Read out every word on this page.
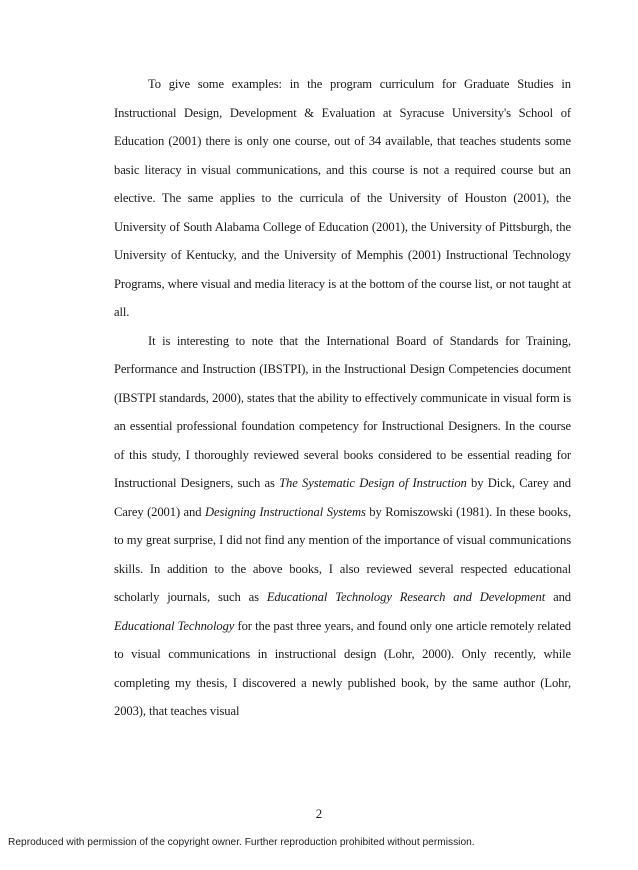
To give some examples: in the program curriculum for Graduate Studies in Instructional Design, Development & Evaluation at Syracuse University's School of Education (2001) there is only one course, out of 34 available, that teaches students some basic literacy in visual communications, and this course is not a required course but an elective. The same applies to the curricula of the University of Houston (2001), the University of South Alabama College of Education (2001), the University of Pittsburgh, the University of Kentucky, and the University of Memphis (2001) Instructional Technology Programs, where visual and media literacy is at the bottom of the course list, or not taught at all.

It is interesting to note that the International Board of Standards for Training, Performance and Instruction (IBSTPI), in the Instructional Design Competencies document (IBSTPI standards, 2000), states that the ability to effectively communicate in visual form is an essential professional foundation competency for Instructional Designers. In the course of this study, I thoroughly reviewed several books considered to be essential reading for Instructional Designers, such as The Systematic Design of Instruction by Dick, Carey and Carey (2001) and Designing Instructional Systems by Romiszowski (1981). In these books, to my great surprise, I did not find any mention of the importance of visual communications skills. In addition to the above books, I also reviewed several respected educational scholarly journals, such as Educational Technology Research and Development and Educational Technology for the past three years, and found only one article remotely related to visual communications in instructional design (Lohr, 2000). Only recently, while completing my thesis, I discovered a newly published book, by the same author (Lohr, 2003), that teaches visual

2
Reproduced with permission of the copyright owner. Further reproduction prohibited without permission.
